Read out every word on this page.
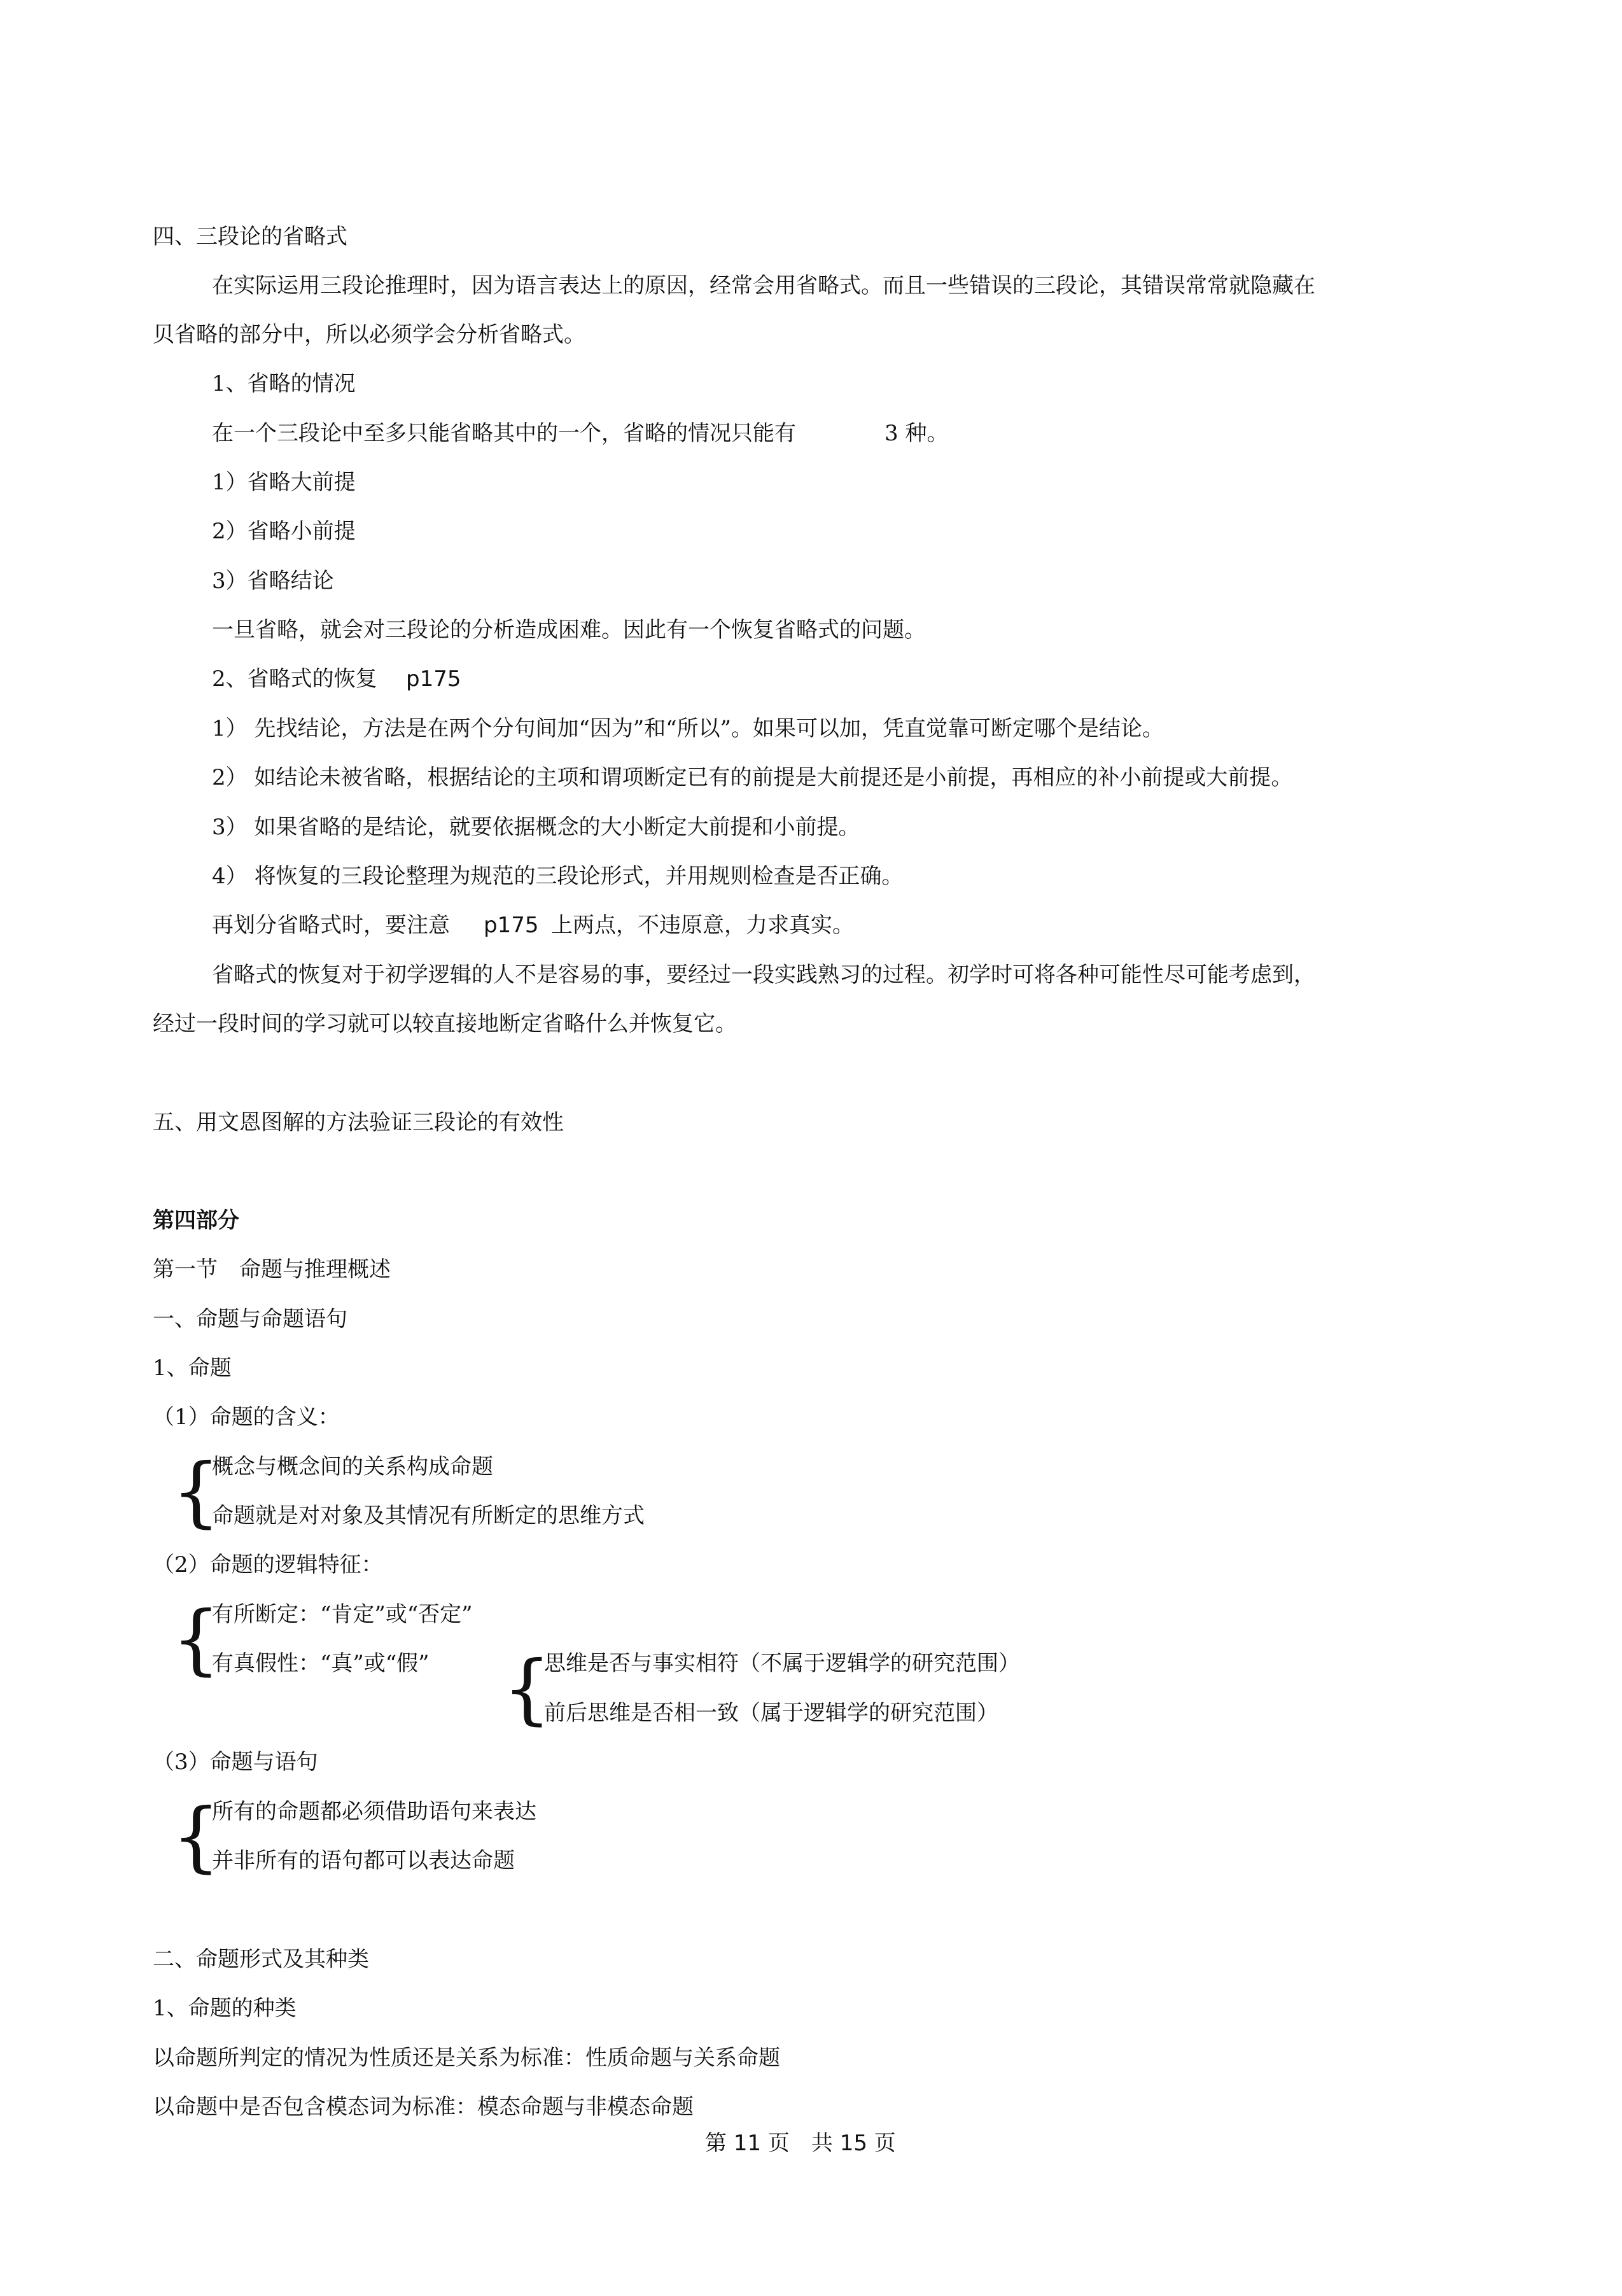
四、三段论的省略式
在实际运用三段论推理时，因为语言表达上的原因，经常会用省略式。而且一些错误的三段论，其错误常常就隐藏在
贝省略的部分中，所以必须学会分析省略式。
1、省略的情况
在一个三段论中至多只能省略其中的一个，省略的情况只能有	3 种。
1）省略大前提
2）省略小前提
3）省略结论
一旦省略，就会对三段论的分析造成困难。因此有一个恢复省略式的问题。
2、省略式的恢复 p175
1） 先找结论，方法是在两个分句间加“因为”和“所以”。如果可以加，凭直觉靠可断定哪个是结论。
2） 如结论未被省略，根据结论的主项和谓项断定已有的前提是大前提还是小前提，再相应的补小前提或大前提。
3） 如果省略的是结论，就要依据概念的大小断定大前提和小前提。
4） 将恢复的三段论整理为规范的三段论形式，并用规则检查是否正确。
再划分省略式时，要注意 p175 上两点，不违原意，力求真实。
省略式的恢复对于初学逻辑的人不是容易的事，要经过一段实践熟习的过程。初学时可将各种可能性尽可能考虑到，
经过一段时间的学习就可以较直接地断定省略什么并恢复它。
五、用文恩图解的方法验证三段论的有效性
第四部分
第一节　命题与推理概述
一、命题与命题语句
1、命题
（1）命题的含义：
{
概念与概念间的关系构成命题
命题就是对对象及其情况有所断定的思维方式
（2）命题的逻辑特征：
{
有所断定：“肯定”或“否定”
有真假性：“真”或“假” {
思维是否与事实相符（不属于逻辑学的研究范围）
前后思维是否相一致（属于逻辑学的研究范围）
（3）命题与语句
{
所有的命题都必须借助语句来表达
并非所有的语句都可以表达命题
二、命题形式及其种类
1、命题的种类
以命题所判定的情况为性质还是关系为标准：性质命题与关系命题
以命题中是否包含模态词为标准：模态命题与非模态命题
第 11 页　共 15 页
